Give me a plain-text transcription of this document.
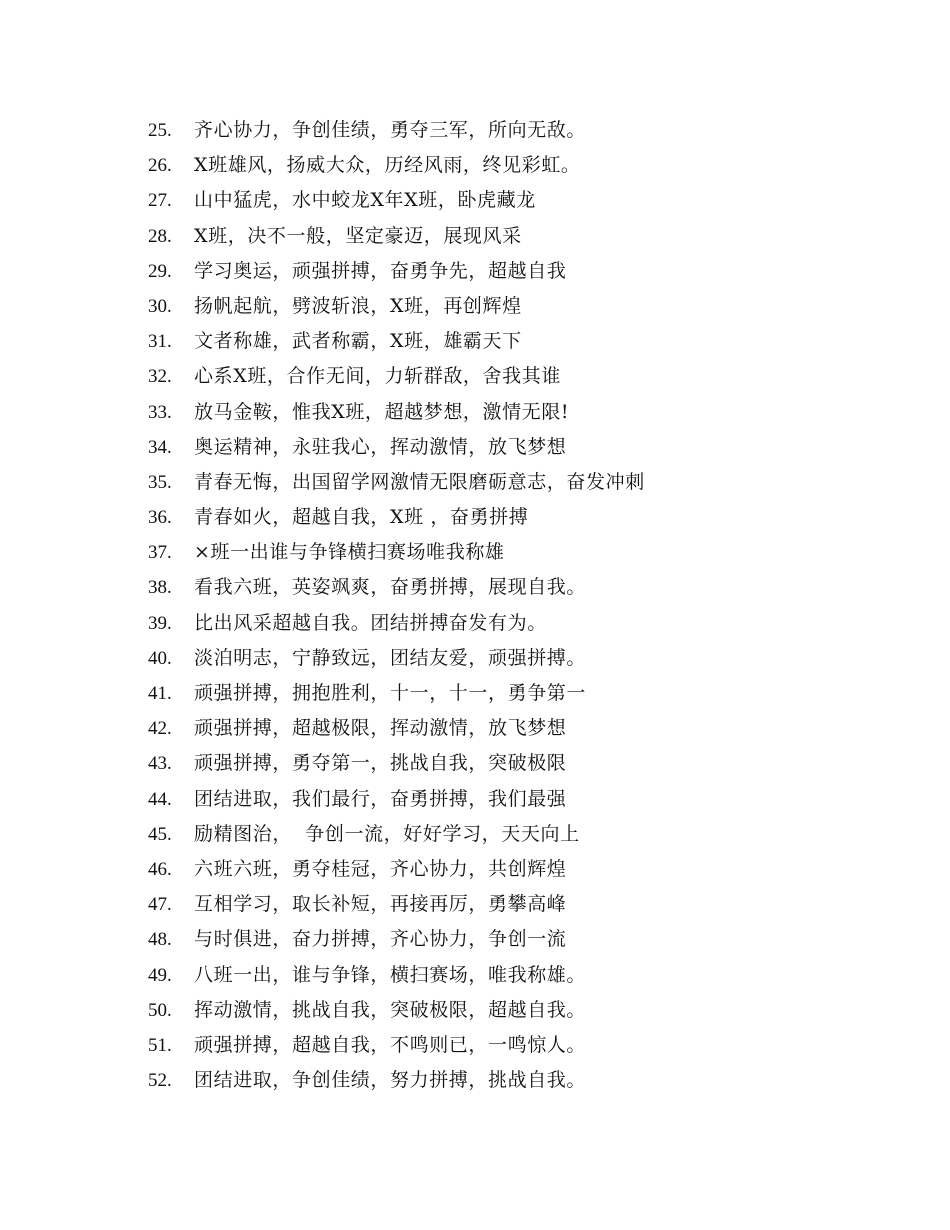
25.	齐心协力，争创佳绩，勇夺三军，所向无敌。
26.	X班雄风，扬威大众，历经风雨，终见彩虹。
27.	山中猛虎，水中蛟龙X年X班，卧虎藏龙
28.	X班，决不一般，坚定豪迈，展现风采
29.	学习奥运，顽强拼搏，奋勇争先，超越自我
30.	扬帆起航，劈波斩浪，X班，再创辉煌
31.	文者称雄，武者称霸，X班，雄霸天下
32.	心系X班，合作无间，力斩群敌，舍我其谁
33.	放马金鞍，惟我X班，超越梦想，激情无限!
34.	奥运精神，永驻我心，挥动激情，放飞梦想
35.	青春无悔，出国留学网激情无限磨砺意志，奋发冲刺
36.	青春如火，超越自我，X班 ，奋勇拼搏
37.	×班一出谁与争锋横扫赛场唯我称雄
38.	看我六班，英姿飒爽，奋勇拼搏，展现自我。
39.	比出风采超越自我。团结拼搏奋发有为。
40.	淡泊明志，宁静致远，团结友爱，顽强拼搏。
41.	顽强拼搏，拥抱胜利，十一，十一，勇争第一
42.	顽强拼搏，超越极限，挥动激情，放飞梦想
43.	顽强拼搏，勇夺第一，挑战自我，突破极限
44.	团结进取，我们最行，奋勇拼搏，我们最强
45.	励精图治，  争创一流，好好学习，天天向上
46.	六班六班，勇夺桂冠，齐心协力，共创辉煌
47.	互相学习，取长补短，再接再厉，勇攀高峰
48.	与时俱进，奋力拼搏，齐心协力，争创一流
49.	八班一出，谁与争锋，横扫赛场，唯我称雄。
50.	挥动激情，挑战自我，突破极限，超越自我。
51.	顽强拼搏，超越自我，不鸣则已，一鸣惊人。
52.	团结进取，争创佳绩，努力拼搏，挑战自我。
